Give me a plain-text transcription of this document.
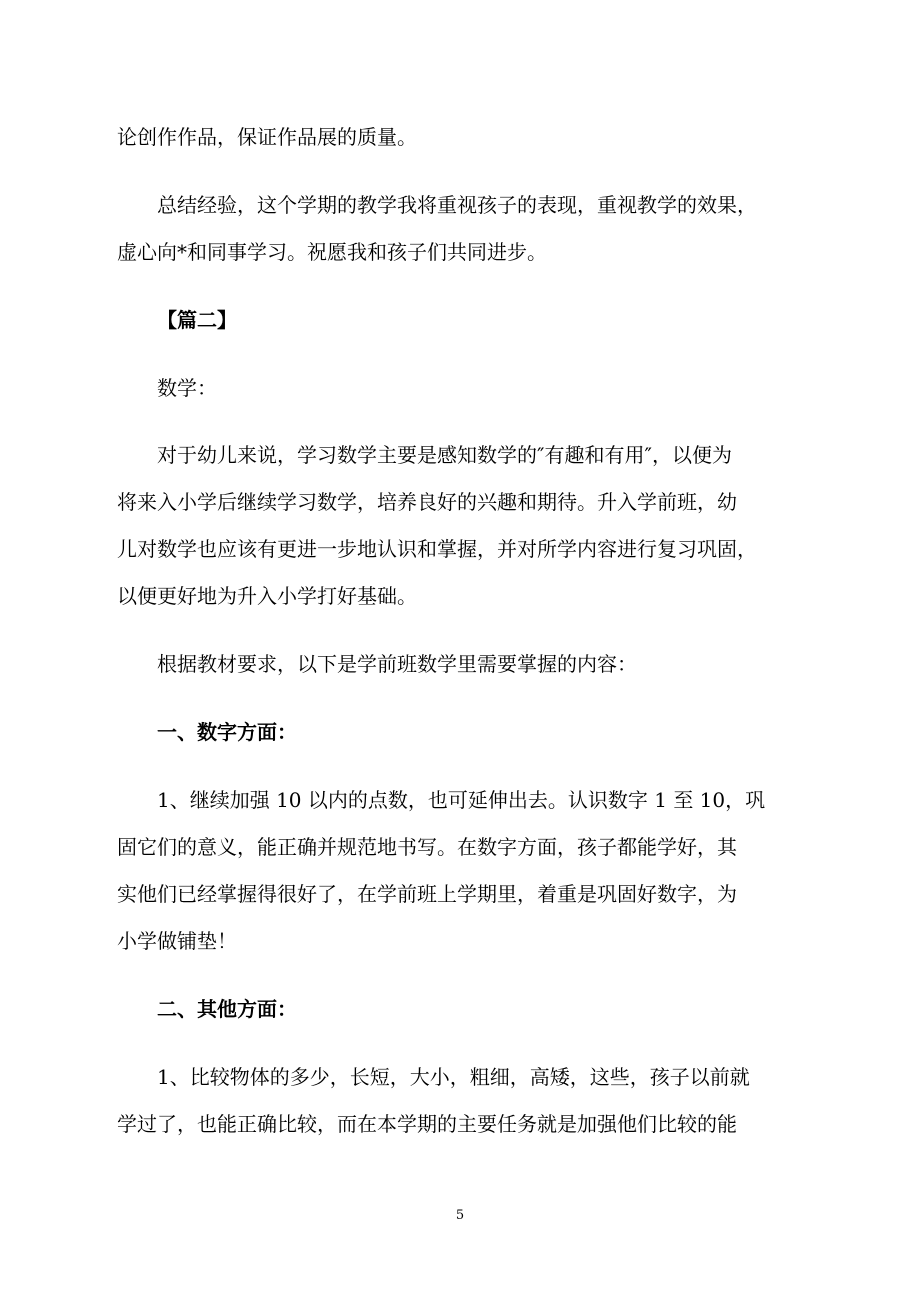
论创作作品，保证作品展的质量。
总结经验，这个学期的教学我将重视孩子的表现，重视教学的效果，
虚心向*和同事学习。祝愿我和孩子们共同进步。
【篇二】
数学：
对于幼儿来说，学习数学主要是感知数学的″有趣和有用″，以便为
将来入小学后继续学习数学，培养良好的兴趣和期待。升入学前班，幼
儿对数学也应该有更进一步地认识和掌握，并对所学内容进行复习巩固，
以便更好地为升入小学打好基础。
根据教材要求，以下是学前班数学里需要掌握的内容：
一、数字方面：
1、继续加强 10 以内的点数，也可延伸出去。认识数字 1 至 10，巩
固它们的意义，能正确并规范地书写。在数字方面，孩子都能学好，其
实他们已经掌握得很好了，在学前班上学期里，着重是巩固好数字，为
小学做铺垫！
二、其他方面：
1、比较物体的多少，长短，大小，粗细，高矮，这些，孩子以前就
学过了，也能正确比较，而在本学期的主要任务就是加强他们比较的能
5
